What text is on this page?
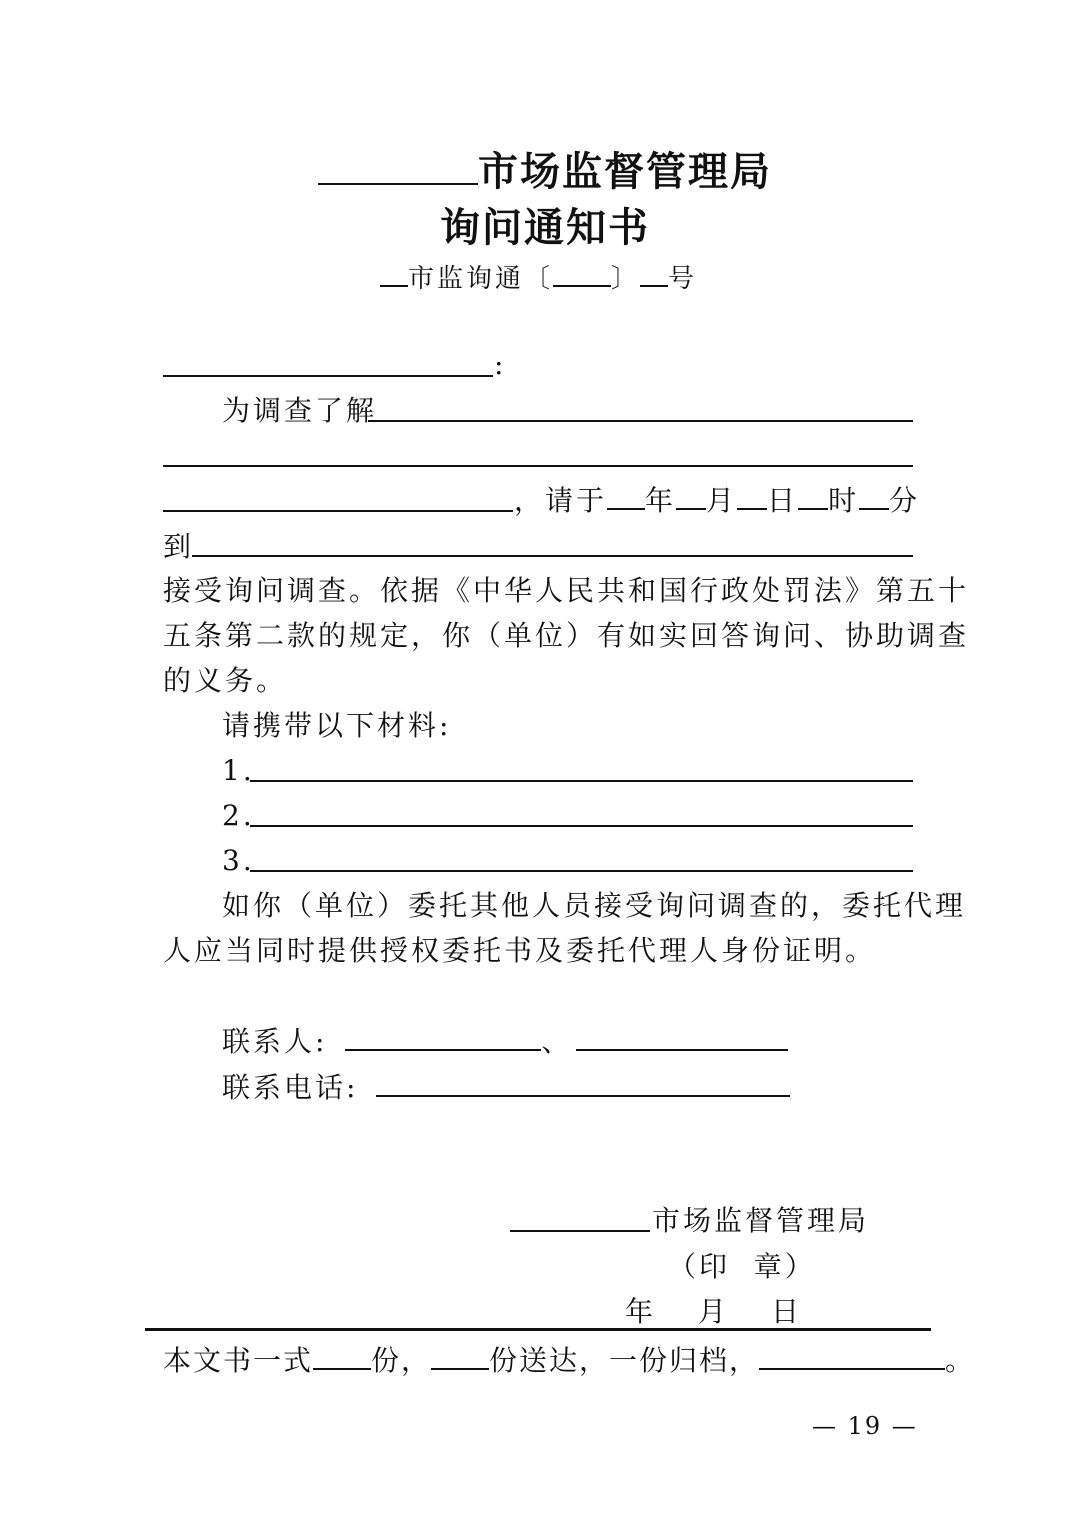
市场监督管理局
询问通知书
市监询通〔 〕 号
:
为调查了解
，请于 年 月 日 时 分
到
接受询问调查。依据《中华人民共和国行政处罚法》第五十
五条第二款的规定，你（单位）有如实回答询问、协助调查
的义务。
请携带以下材料:
1.
2.
3.
如你（单位）委托其他人员接受询问调查的，委托代理
人应当同时提供授权委托书及委托代理人身份证明。
联系人:	、
联系电话:
市场监督管理局
（印  章）
年 月 日
本文书一式 份， 份送达，一份归档，	。
— 19 —
